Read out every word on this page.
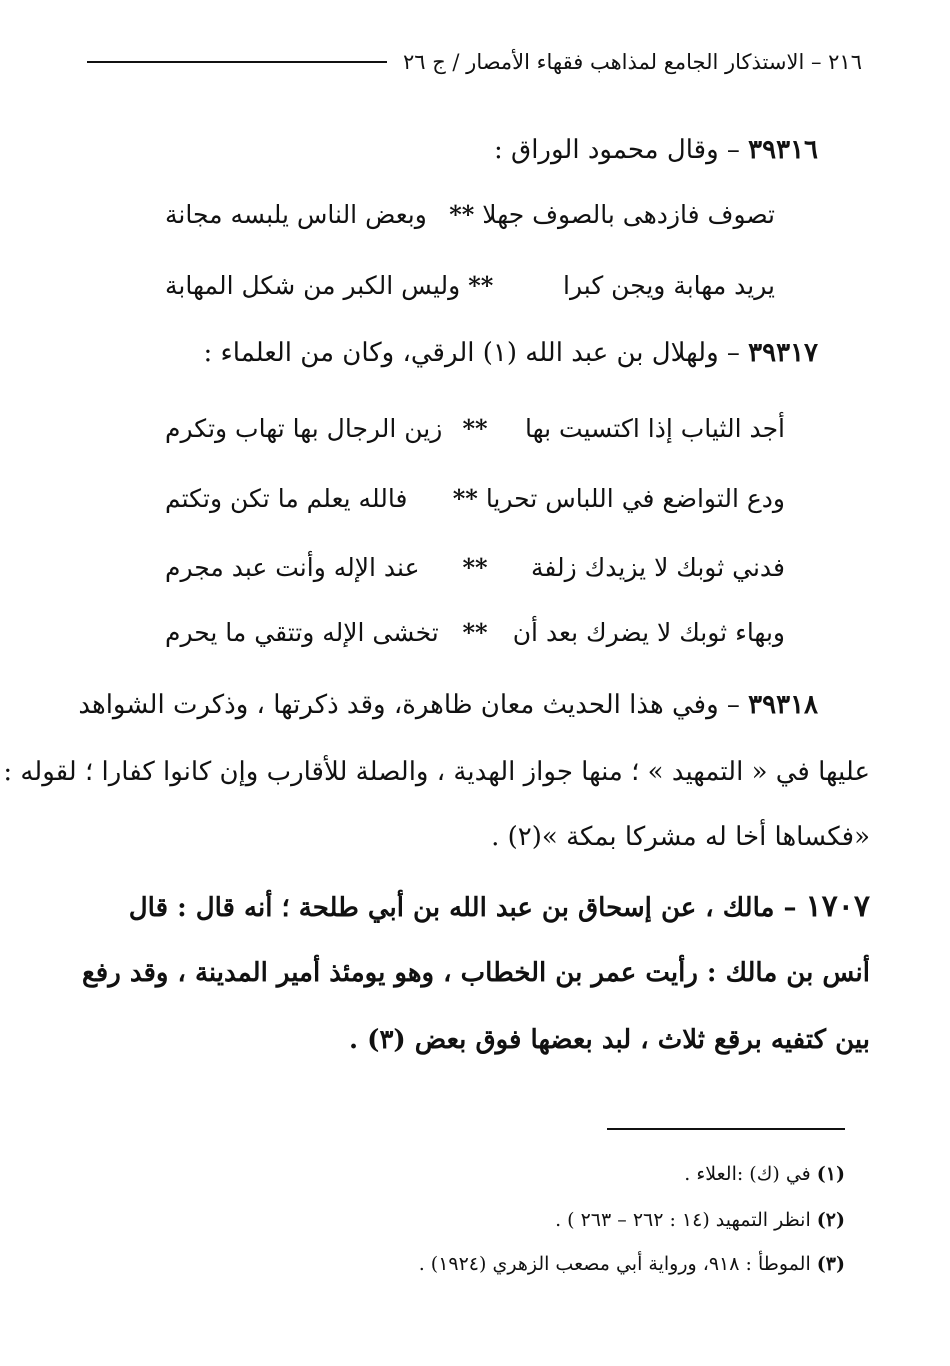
٢١٦ – الاستذكار الجامع لمذاهب فقهاء الأمصار / ج ٢٦
٣٩٣١٦ – وقال محمود الوراق :
تصوف فازدهى بالصوف جهلا
**
وبعض الناس يلبسه مجانة
يريد مهابة ويجن كبرا
**
وليس الكبر من شكل المهابة
٣٩٣١٧ – ولهلال بن عبد الله (١) الرقي، وكان من العلماء :
أجد الثياب إذا اكتسيت بها
**
زين الرجال بها تهاب وتكرم
ودع التواضع في اللباس تحريا
**
فالله يعلم ما تكن وتكتم
فدني ثوبك لا يزيدك زلفة
**
عند الإله وأنت عبد مجرم
وبهاء ثوبك لا يضرك بعد أن
**
تخشى الإله وتتقي ما يحرم
٣٩٣١٨ – وفي هذا الحديث معان ظاهرة، وقد ذكرتها ، وذكرت الشواهد
عليها في « التمهيد » ؛ منها جواز الهدية ، والصلة للأقارب وإن كانوا كفارا ؛ لقوله :
«فكساها أخا له مشركا بمكة »(٢) .
١٧٠٧ – مالك ، عن إسحاق بن عبد الله بن أبي طلحة ؛ أنه قال : قال
أنس بن مالك : رأيت عمر بن الخطاب ، وهو يومئذ أمير المدينة ، وقد رفع
بين كتفيه برقع ثلاث ، لبد بعضها فوق بعض (٣) .
(١) في (ك) :العلاء .
(٢) انظر التمهيد (١٤ : ٢٦٢ – ٢٦٣ ) .
(٣) الموطأ : ٩١٨، ورواية أبي مصعب الزهري (١٩٢٤) .
